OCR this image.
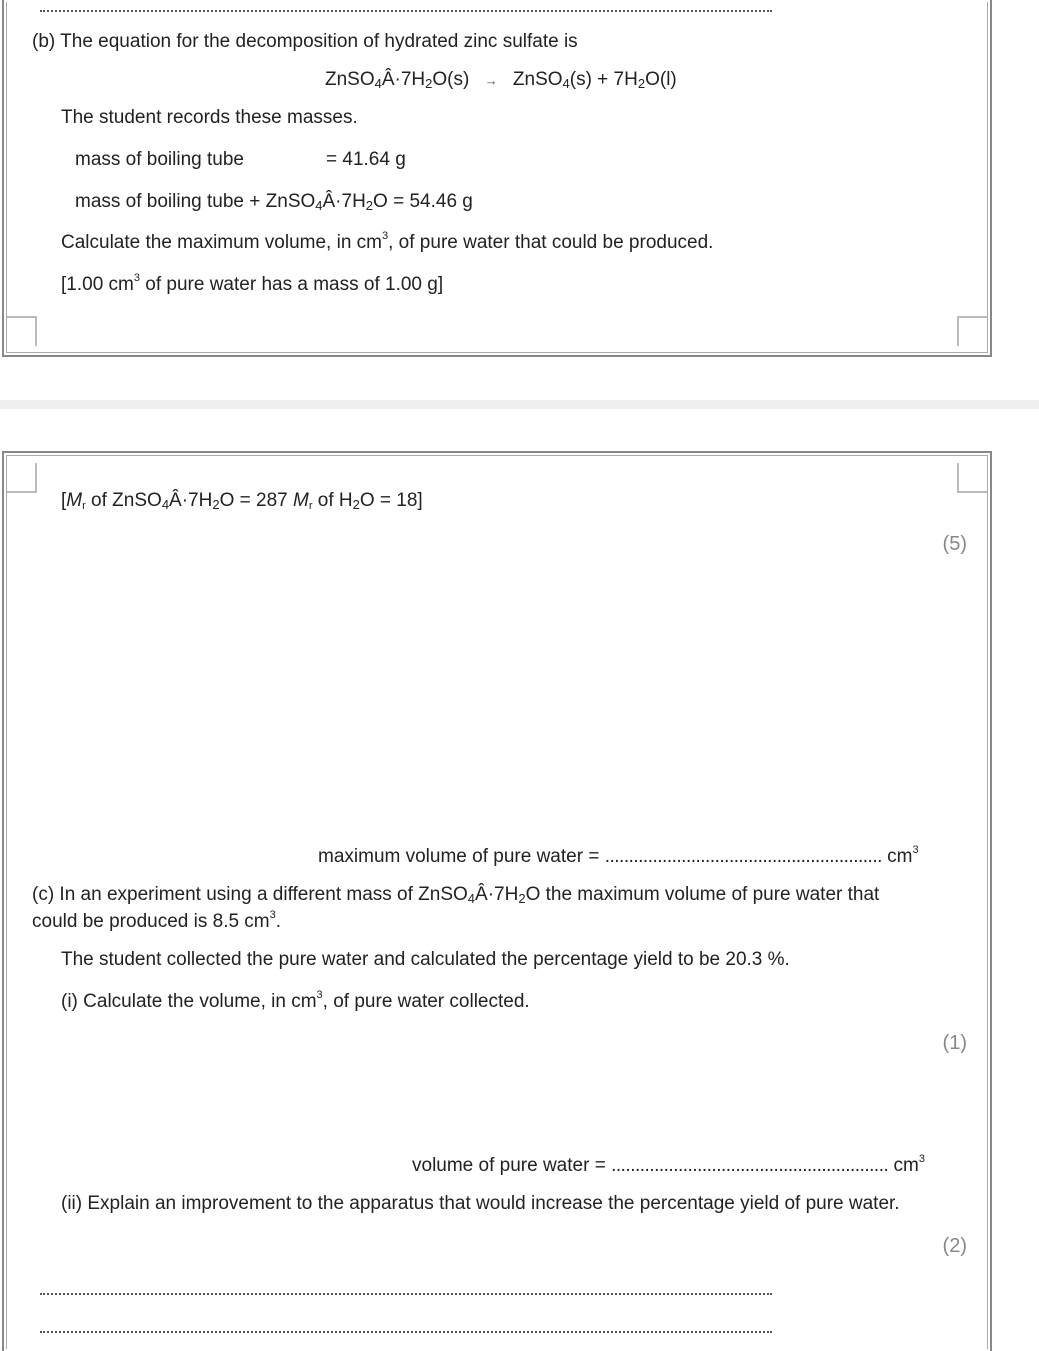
(b) The equation for the decomposition of hydrated zinc sulfate is
$ZnSO_4Â\cdot 7H_2O(s)$ → ZnSO$_4$(s) + $7H_2O(l)$
The student records these masses.
mass of boiling tube	= 41.64 g
mass of boiling tube + $ZnSO_4Â\cdot 7H_2O = 54.46$ g
Calculate the maximum volume, in $cm^3$, of pure water that could be produced.
[1.00 $cm^3$ of pure water has a mass of 1.00 g]
[$M_r$ of $ZnSO_4Â\cdot 7H_2O = 287$ $M_r$ of $H_2O = 18$]
(5)
maximum volume of pure water = .......................................................... $cm^3$
(c) In an experiment using a different mass of $ZnSO_4Â\cdot 7H_2O$ the maximum volume of pure water that
could be produced is 8.5 $cm^3$.
The student collected the pure water and calculated the percentage yield to be 20.3 %.
(i) Calculate the volume, in $cm^3$, of pure water collected.
(1)
volume of pure water = .......................................................... $cm^3$
(ii) Explain an improvement to the apparatus that would increase the percentage yield of pure water.
(2)
